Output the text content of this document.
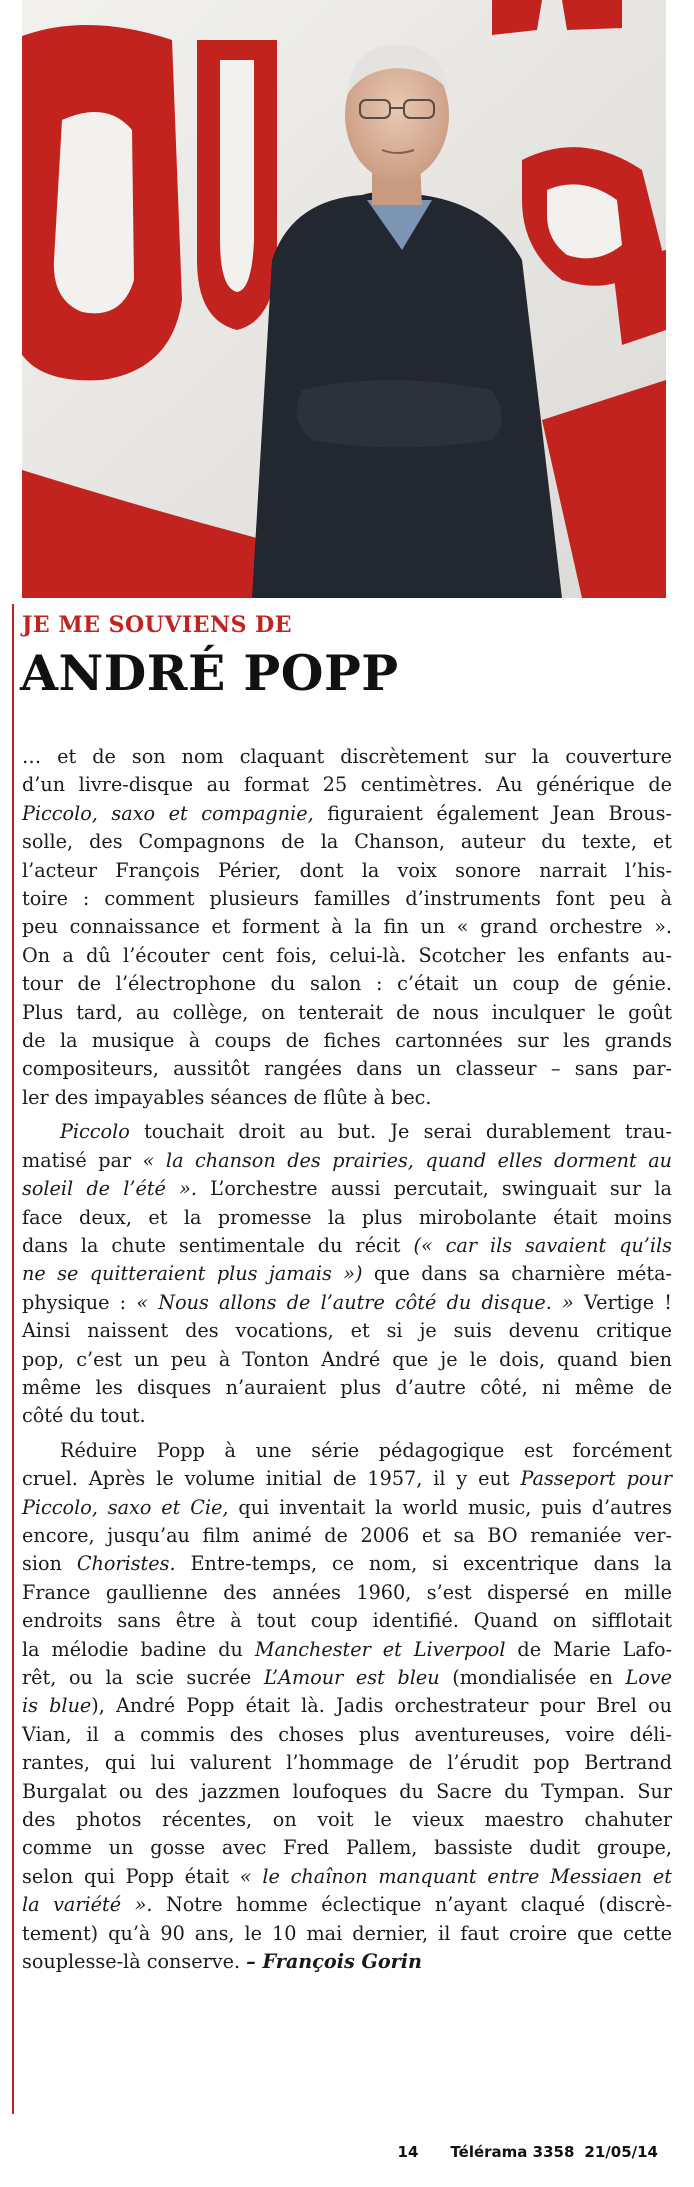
JE ME SOUVIENS DE
ANDRÉ POPP
… et de son nom claquant discrètement sur la couverture
d’un livre-disque au format 25 centimètres. Au générique de
Piccolo, saxo et compagnie, figuraient également Jean Brous-
solle, des Compagnons de la Chanson, auteur du texte, et
l’acteur François Périer, dont la voix sonore narrait l’his-
toire : comment plusieurs familles d’instruments font peu à
peu connaissance et forment à la fin un « grand orchestre ».
On a dû l’écouter cent fois, celui-là. Scotcher les enfants au-
tour de l’électrophone du salon : c’était un coup de génie.
Plus tard, au collège, on tenterait de nous inculquer le goût
de la musique à coups de fiches cartonnées sur les grands
compositeurs, aussitôt rangées dans un classeur – sans par-
ler des impayables séances de flûte à bec.
Piccolo touchait droit au but. Je serai durablement trau-
matisé par « la chanson des prairies, quand elles dorment au
soleil de l’été ». L’orchestre aussi percutait, swinguait sur la
face deux, et la promesse la plus mirobolante était moins
dans la chute sentimentale du récit (« car ils savaient qu’ils
ne se quitteraient plus jamais ») que dans sa charnière méta-
physique : « Nous allons de l’autre côté du disque. » Vertige !
Ainsi naissent des vocations, et si je suis devenu critique
pop, c’est un peu à Tonton André que je le dois, quand bien
même les disques n’auraient plus d’autre côté, ni même de
côté du tout.
Réduire Popp à une série pédagogique est forcément
cruel. Après le volume initial de 1957, il y eut Passeport pour
Piccolo, saxo et Cie, qui inventait la world music, puis d’autres
encore, jusqu’au film animé de 2006 et sa BO remaniée ver-
sion Choristes. Entre-temps, ce nom, si excentrique dans la
France gaullienne des années 1960, s’est dispersé en mille
endroits sans être à tout coup identifié. Quand on sifflotait
la mélodie badine du Manchester et Liverpool de Marie Lafo-
rêt, ou la scie sucrée L’Amour est bleu (mondialisée en Love
is blue), André Popp était là. Jadis orchestrateur pour Brel ou
Vian, il a commis des choses plus aventureuses, voire déli-
rantes, qui lui valurent l’hommage de l’érudit pop Bertrand
Burgalat ou des jazzmen loufoques du Sacre du Tympan. Sur
des photos récentes, on voit le vieux maestro chahuter
comme un gosse avec Fred Pallem, bassiste dudit groupe,
selon qui Popp était « le chaînon manquant entre Messiaen et
la variété ». Notre homme éclectique n’ayant claqué (discrè-
tement) qu’à 90 ans, le 10 mai dernier, il faut croire que cette
souplesse-là conserve. – François Gorin
14 Télérama 3358 21/05/14
